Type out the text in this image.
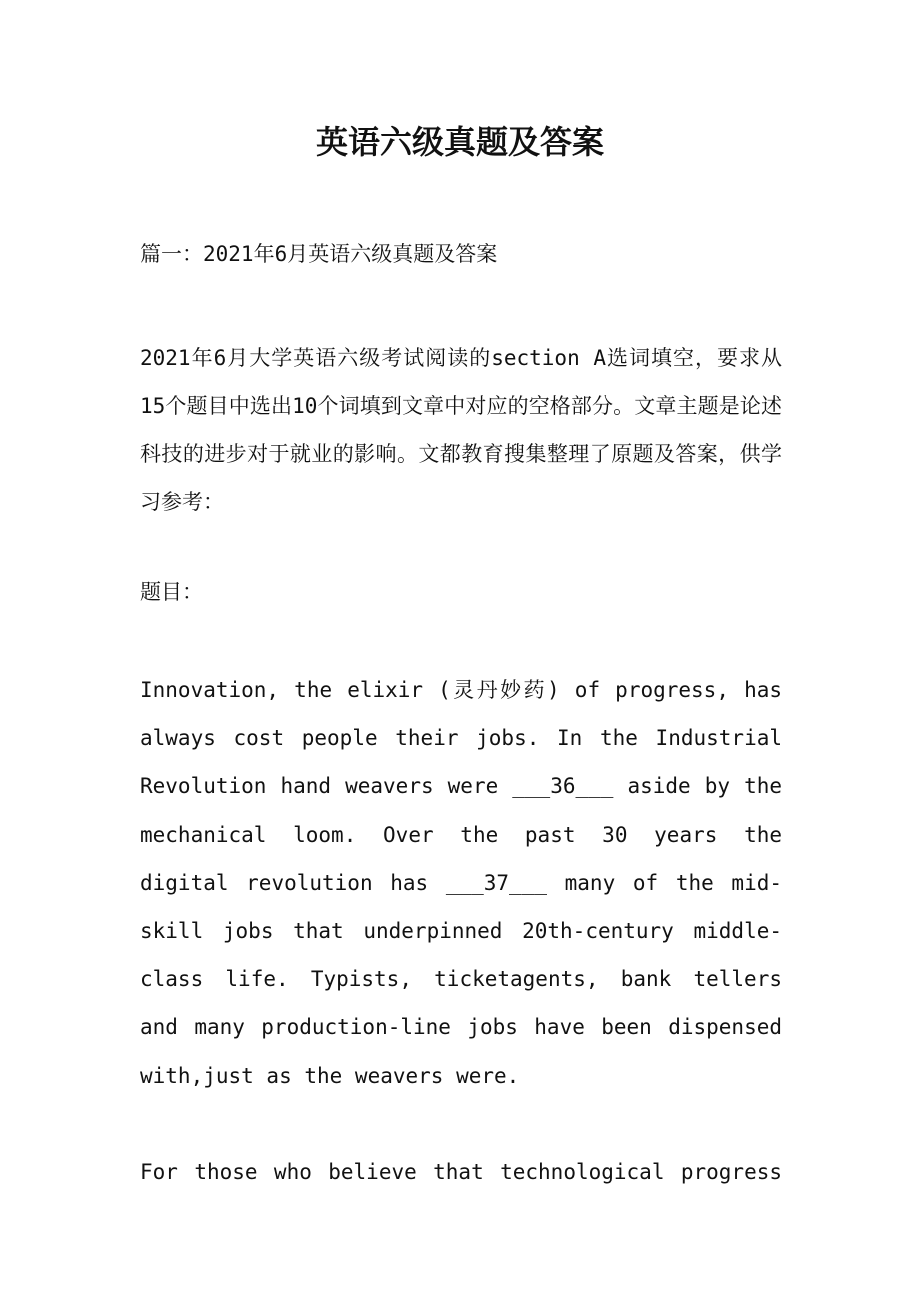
英语六级真题及答案

篇一：2021年6月英语六级真题及答案

2021年6月大学英语六级考试阅读的section A选词填空，要求从15个题目中选出10个词填到文章中对应的空格部分。文章主题是论述科技的进步对于就业的影响。文都教育搜集整理了原题及答案，供学习参考：

题目：

Innovation, the elixir (灵丹妙药) of progress, has always cost people their jobs. In the Industrial Revolution hand weavers were ___36___ aside by the mechanical loom. Over the past 30 years the digital revolution has ___37___ many of the mid-skill jobs that underpinned 20th-century middle-class life. Typists, ticketagents, bank tellers and many production-line jobs have been dispensed with,just as the weavers were.

For those who believe that technological progress
